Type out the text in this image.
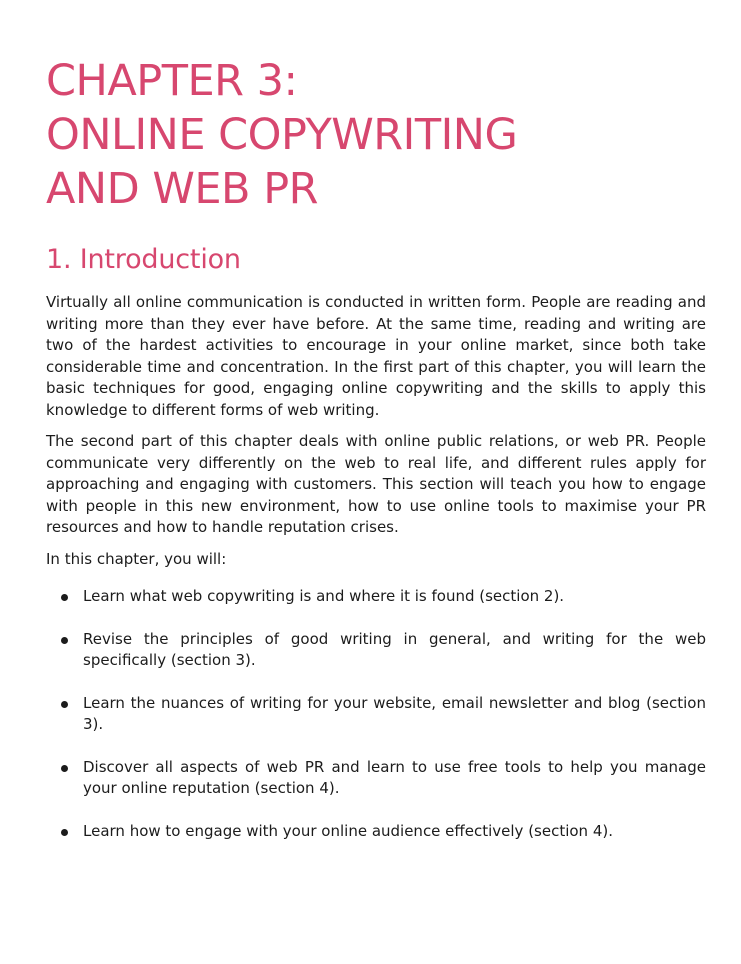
CHAPTER 3:
ONLINE COPYWRITING
AND WEB PR
1. Introduction

Virtually all online communication is conducted in written form. People are reading and writing more than they ever have before. At the same time, reading and writing are two of the hardest activities to encourage in your online market, since both take considerable time and concentration. In the first part of this chapter, you will learn the basic techniques for good, engaging online copywriting and the skills to apply this knowledge to different forms of web writing.

The second part of this chapter deals with online public relations, or web PR. People communicate very differently on the web to real life, and different rules apply for approaching and engaging with customers. This section will teach you how to engage with people in this new environment, how to use online tools to maximise your PR resources and how to handle reputation crises.

In this chapter, you will:

Learn what web copywriting is and where it is found (section 2).
Revise the principles of good writing in general, and writing for the web specifically (section 3).
Learn the nuances of writing for your website, email newsletter and blog (section 3).
Discover all aspects of web PR and learn to use free tools to help you manage your online reputation (section 4).
Learn how to engage with your online audience effectively (section 4).
